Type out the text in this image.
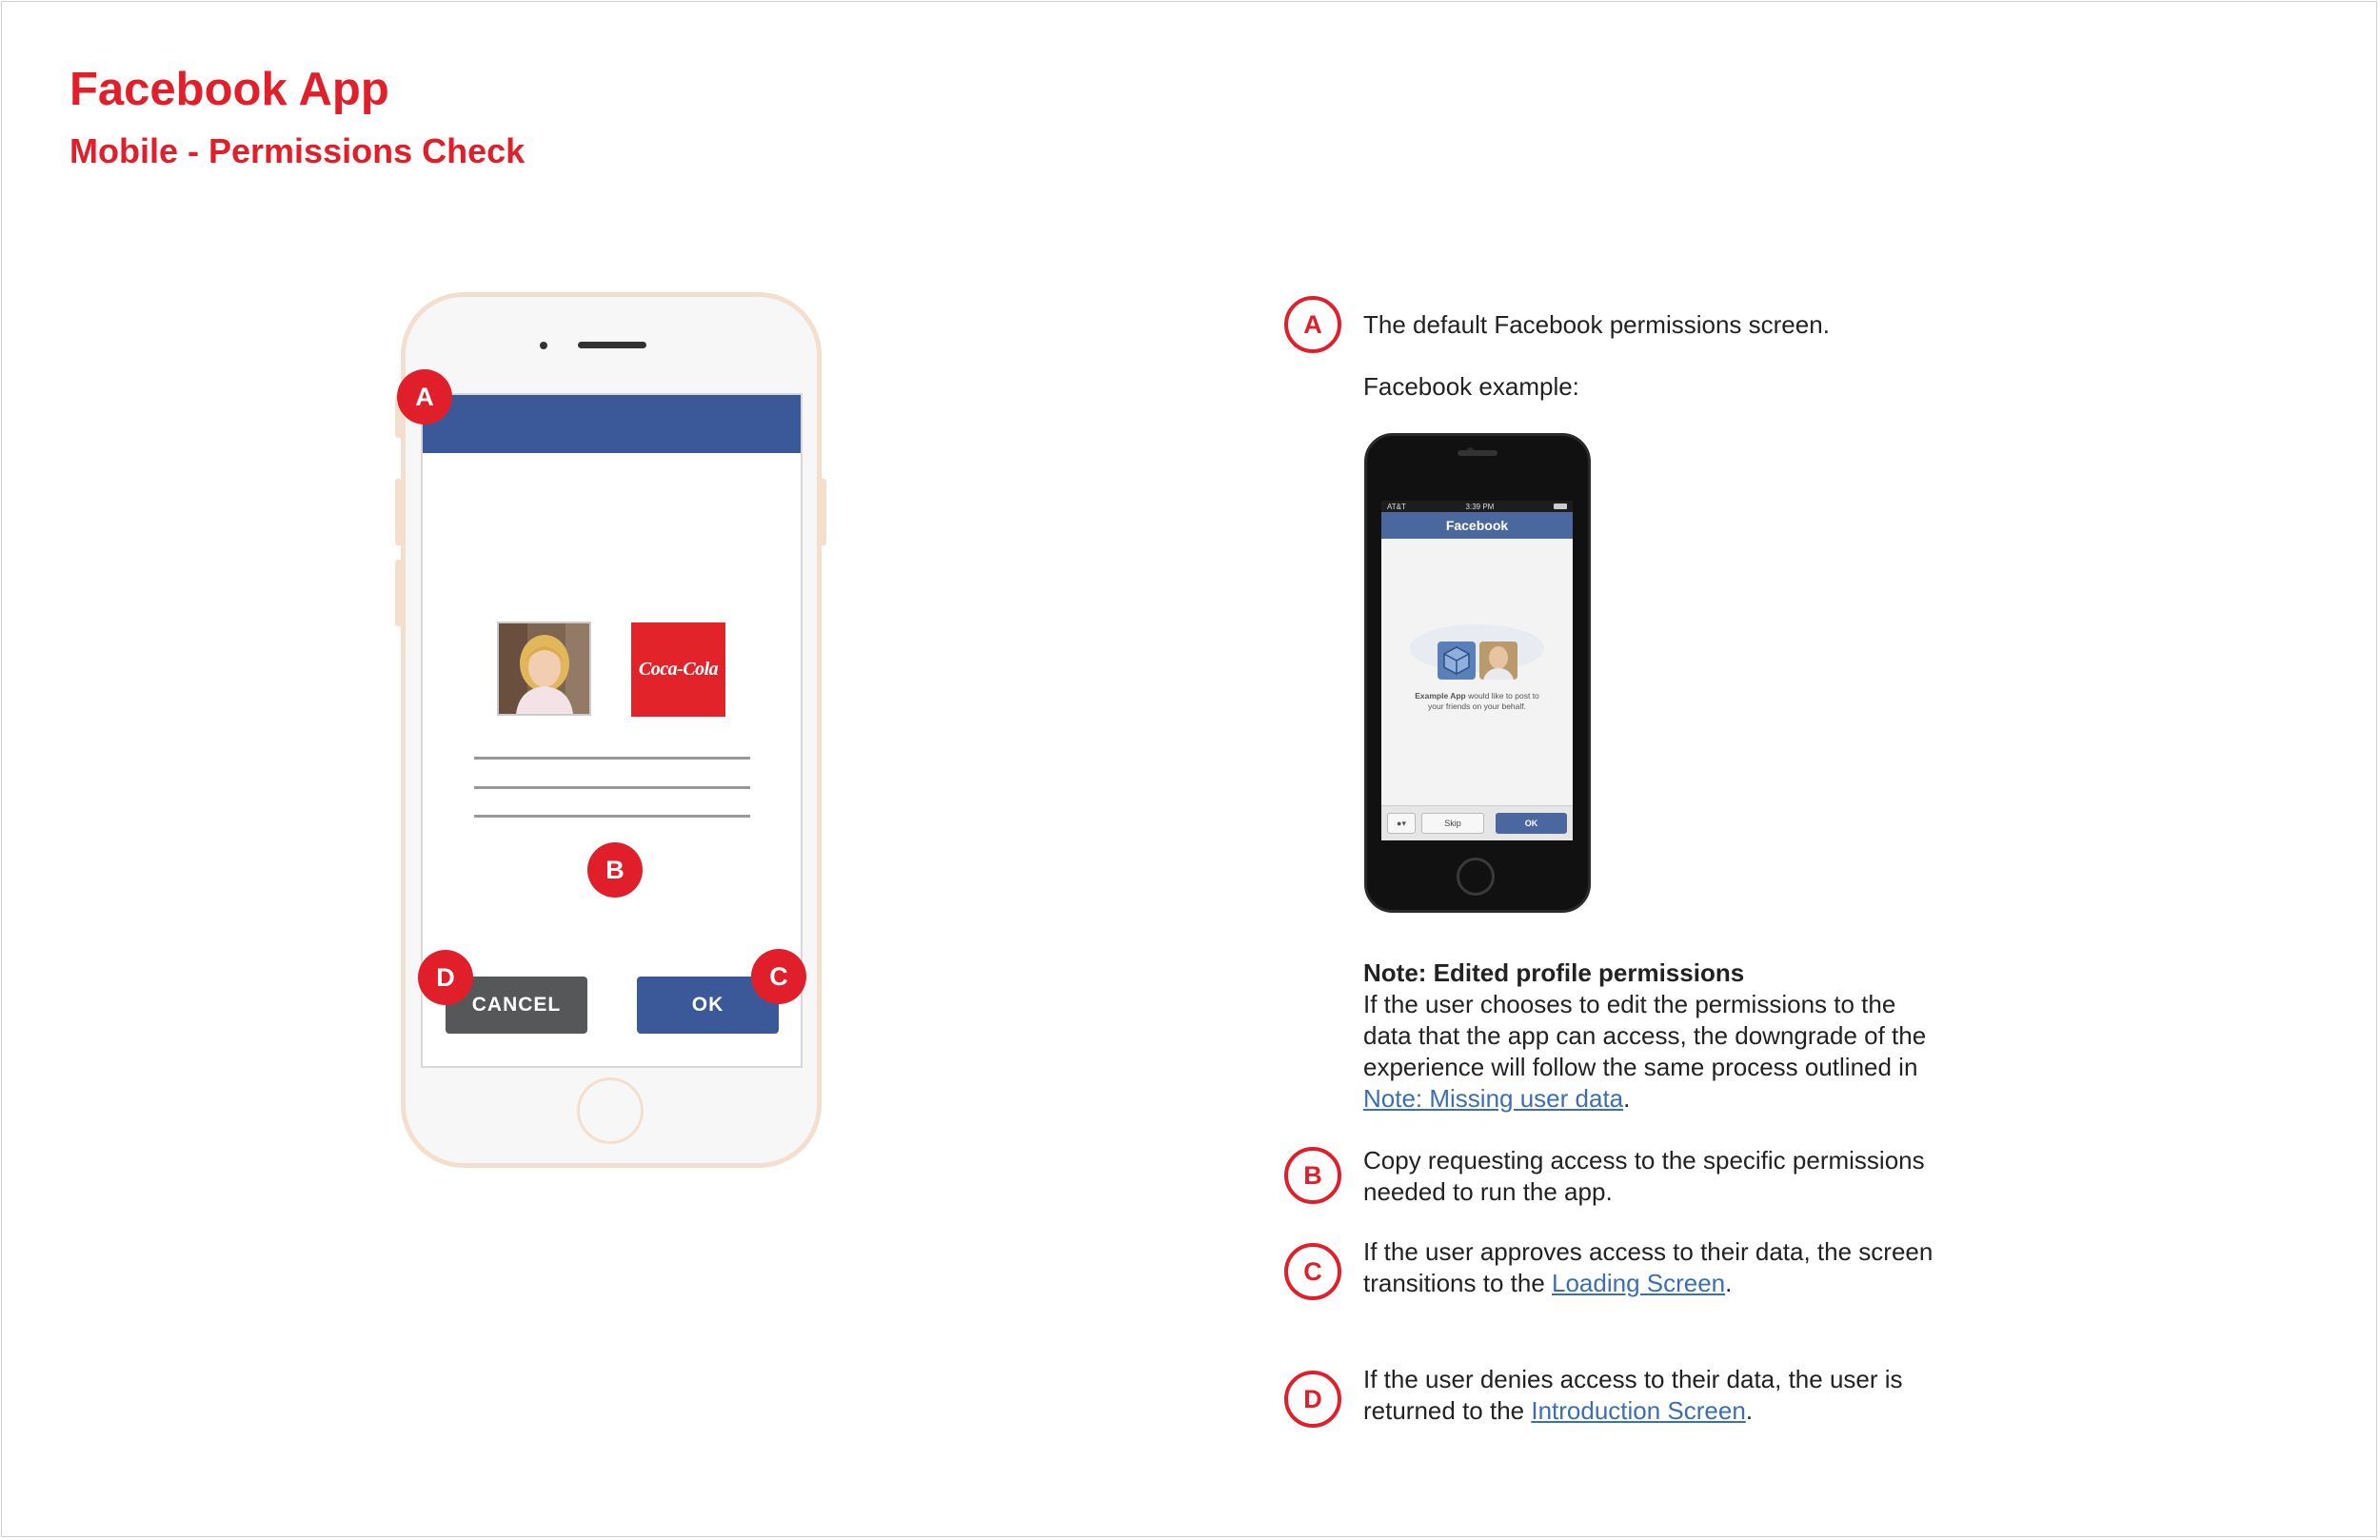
Facebook App
Mobile - Permissions Check
Coca-Cola
CANCEL	OK
A
B
C
D
A	The default Facebook permissions screen.

Facebook example:

AT&T	3:39 PM
Facebook
Example App would like to post to
your friends on your behalf.
●▾	Skip	OK

Note: Edited profile permissions
If the user chooses to edit the permissions to the
data that the app can access, the downgrade of the
experience will follow the same process outlined in
Note: Missing user data.

B

Copy requesting access to the specific permissions
needed to run the app.

C

If the user approves access to their data, the screen
transitions to the Loading Screen.

D

If the user denies access to their data, the user is
returned to the Introduction Screen.
